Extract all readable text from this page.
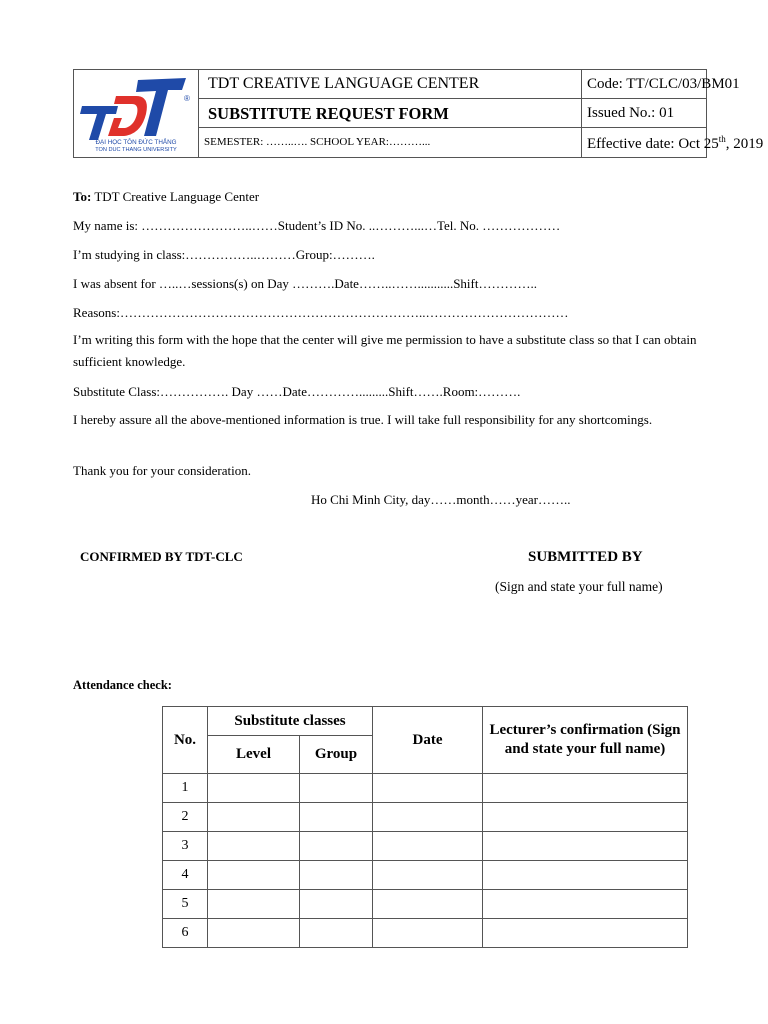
®
ĐẠI HỌC TÔN ĐỨC THẮNG
TON DUC THANG UNIVERSITY
TDT CREATIVE LANGUAGE CENTER
SUBSTITUTE REQUEST FORM
SEMESTER: ……..…. SCHOOL YEAR:………...
Code: TT/CLC/03/BM01
Issued No.: 01
Effective date: Oct 25th, 2019
To: TDT Creative Language Center
My name is: ……………………..……Student’s ID No. ..………...…Tel. No. ………………
I’m studying in class:……………..………Group:……….
I was absent for …..…sessions(s) on Day ……….Date……..……...........Shift…………..
Reasons:……………………………………………………………..……………………………
I’m writing this form with the hope that the center will give me permission to have a substitute class so that I can obtain sufficient knowledge.
Substitute Class:……………. Day ……Date………….........Shift…….Room:……….
I hereby assure all the above-mentioned information is true. I will take full responsibility for any shortcomings.
Thank you for your consideration.
Ho Chi Minh City, day……month……year……..
CONFIRMED BY TDT-CLC	SUBMITTED BY
(Sign and state your full name)
Attendance check:
No.	Substitute classes		Date	Lecturer’s confirmation (Sign and state your full name)
	Level	Group		
1				
2				
3				
4				
5				
6				
